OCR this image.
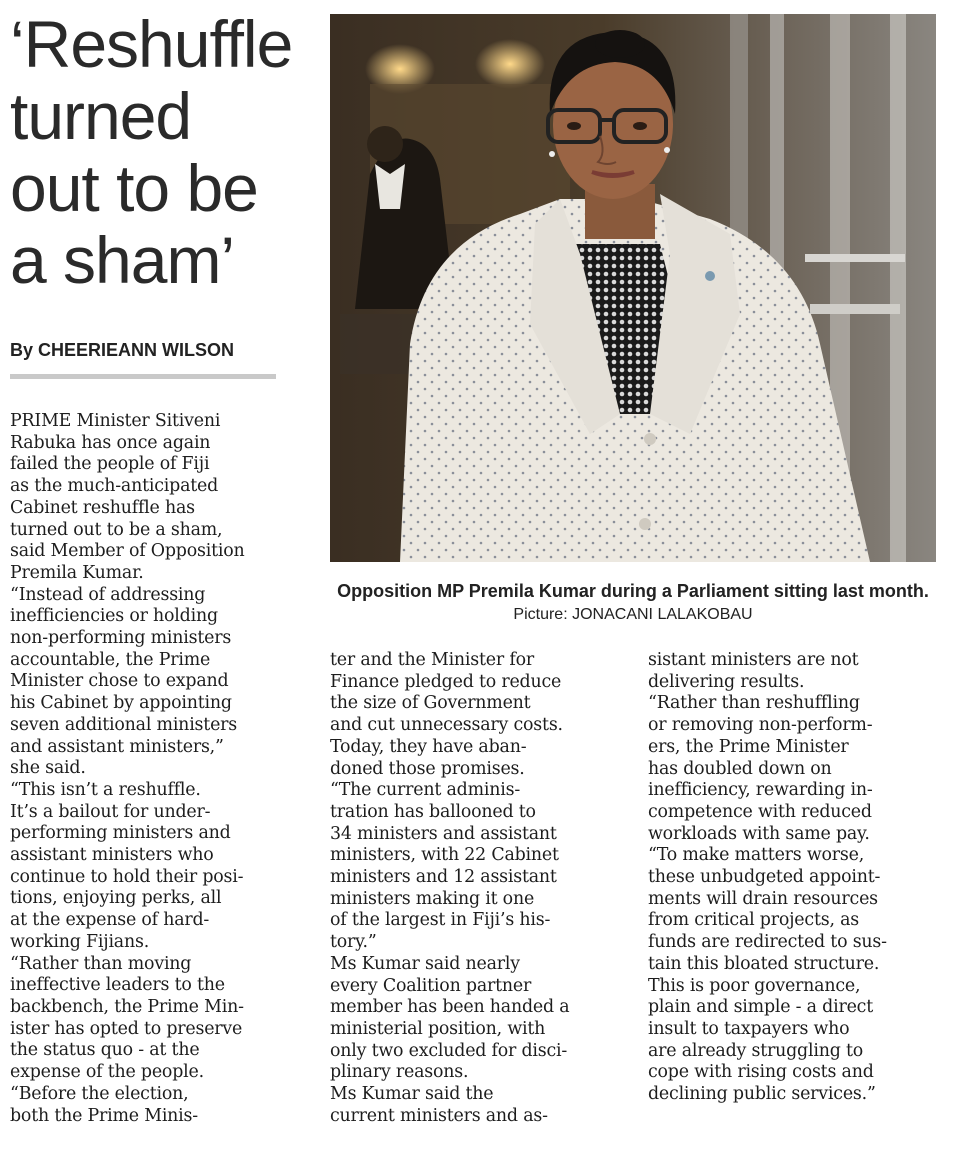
‘Reshuffle
turned
out to be
a sham’
By CHEERIEANN WILSON
Opposition MP Premila Kumar during a Parliament sitting last month. Picture: JONACANI LALAKOBAU

PRIME Minister Sitiveni
Rabuka has once again
failed the people of Fiji
as the much-anticipated
Cabinet reshuffle has
turned out to be a sham,
said Member of Opposition
Premila Kumar.

“Instead of addressing
inefficiencies or holding
non-performing ministers
accountable, the Prime
Minister chose to expand
his Cabinet by appointing
seven additional ministers
and assistant ministers,”
she said.

“This isn’t a reshuffle.
It’s a bailout for under-
performing ministers and
assistant ministers who
continue to hold their posi-
tions, enjoying perks, all
at the expense of hard-
working Fijians.

“Rather than moving
ineffective leaders to the
backbench, the Prime Min-
ister has opted to preserve
the status quo - at the
expense of the people.

“Before the election,
both the Prime Minis-

ter and the Minister for
Finance pledged to reduce
the size of Government
and cut unnecessary costs.
Today, they have aban-
doned those promises.

“The current adminis-
tration has ballooned to
34 ministers and assistant
ministers, with 22 Cabinet
ministers and 12 assistant
ministers making it one
of the largest in Fiji’s his-
tory.”

Ms Kumar said nearly
every Coalition partner
member has been handed a
ministerial position, with
only two excluded for disci-
plinary reasons.

Ms Kumar said the
current ministers and as-

sistant ministers are not
delivering results.

“Rather than reshuffling
or removing non-perform-
ers, the Prime Minister
has doubled down on
inefficiency, rewarding in-
competence with reduced
workloads with same pay.

“To make matters worse,
these unbudgeted appoint-
ments will drain resources
from critical projects, as
funds are redirected to sus-
tain this bloated structure.
This is poor governance,
plain and simple - a direct
insult to taxpayers who
are already struggling to
cope with rising costs and
declining public services.”
